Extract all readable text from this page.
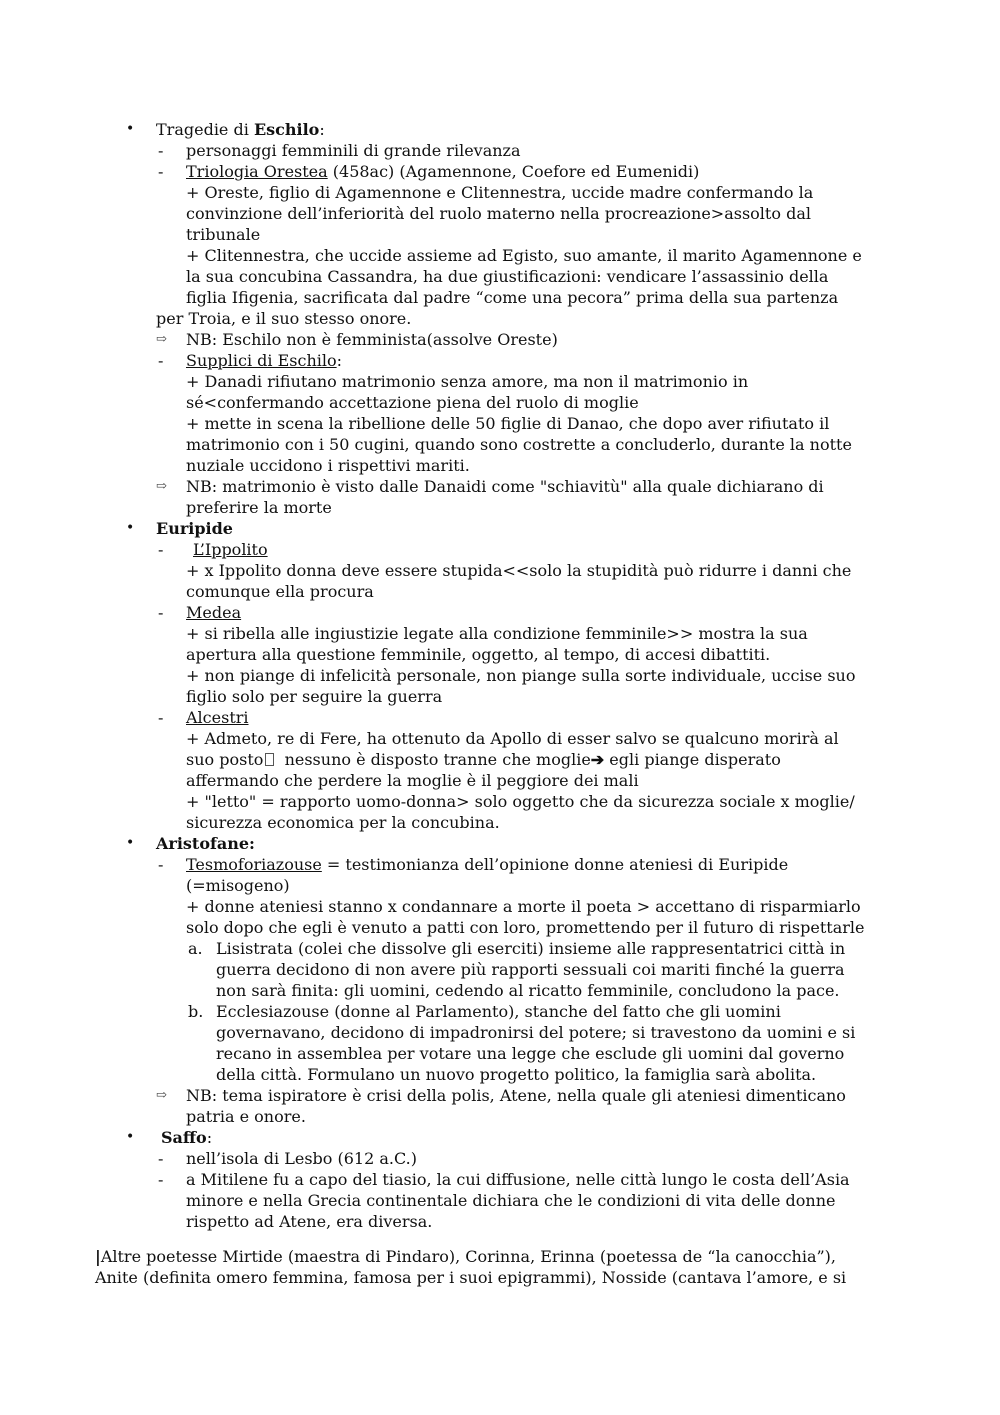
• Tragedie di Eschilo:
- personaggi femminili di grande rilevanza
- Triologia Orestea (458ac) (Agamennone, Coefore ed Eumenidi)
+ Oreste, figlio di Agamennone e Clitennestra, uccide madre confermando la
convinzione dell’inferiorità del ruolo materno nella procreazione>assolto dal
tribunale
+ Clitennestra, che uccide assieme ad Egisto, suo amante, il marito Agamennone e
la sua concubina Cassandra, ha due giustificazioni: vendicare l’assassinio della
figlia Ifigenia, sacrificata dal padre “come una pecora” prima della sua partenza
per Troia, e il suo stesso onore.
⇨ NB: Eschilo non è femminista(assolve Oreste)
- Supplici di Eschilo:
+ Danadi rifiutano matrimonio senza amore, ma non il matrimonio in
sé<confermando accettazione piena del ruolo di moglie
+ mette in scena la ribellione delle 50 figlie di Danao, che dopo aver rifiutato il
matrimonio con i 50 cugini, quando sono costrette a concluderlo, durante la notte
nuziale uccidono i rispettivi mariti.
⇨ NB: matrimonio è visto dalle Danaidi come "schiavitù" alla quale dichiarano di
preferire la morte
• Euripide
- L’Ippolito
+ x Ippolito donna deve essere stupida<<solo la stupidità può ridurre i danni che
comunque ella procura
- Medea
+ si ribella alle ingiustizie legate alla condizione femminile>> mostra la sua
apertura alla questione femminile, oggetto, al tempo, di accesi dibattiti.
+ non piange di infelicità personale, non piange sulla sorte individuale, uccise suo
figlio solo per seguire la guerra
- Alcestri
+ Admeto, re di Fere, ha ottenuto da Apollo di esser salvo se qualcuno morirà al
suo posto  nessuno è disposto tranne che moglie➔ egli piange disperato
affermando che perdere la moglie è il peggiore dei mali
+ "letto" = rapporto uomo-donna> solo oggetto che da sicurezza sociale x moglie/
sicurezza economica per la concubina.
• Aristofane:
- Tesmoforiazouse = testimonianza dell’opinione donne ateniesi di Euripide
(=misogeno)
+ donne ateniesi stanno x condannare a morte il poeta > accettano di risparmiarlo
solo dopo che egli è venuto a patti con loro, promettendo per il futuro di rispettarle
a. Lisistrata (colei che dissolve gli eserciti) insieme alle rappresentatrici città in
guerra decidono di non avere più rapporti sessuali coi mariti finché la guerra
non sarà finita: gli uomini, cedendo al ricatto femminile, concludono la pace.
b. Ecclesiazouse (donne al Parlamento), stanche del fatto che gli uomini
governavano, decidono di impadronirsi del potere; si travestono da uomini e si
recano in assemblea per votare una legge che esclude gli uomini dal governo
della città. Formulano un nuovo progetto politico, la famiglia sarà abolita.
⇨ NB: tema ispiratore è crisi della polis, Atene, nella quale gli ateniesi dimenticano
patria e onore.
• Saffo:
- nell’isola di Lesbo (612 a.C.)
- a Mitilene fu a capo del tiasio, la cui diffusione, nelle città lungo le costa dell’Asia
minore e nella Grecia continentale dichiara che le condizioni di vita delle donne
rispetto ad Atene, era diversa.
|Altre poetesse Mirtide (maestra di Pindaro), Corinna, Erinna (poetessa de “la canocchia”),
Anite (definita omero femmina, famosa per i suoi epigrammi), Nosside (cantava l’amore, e si
